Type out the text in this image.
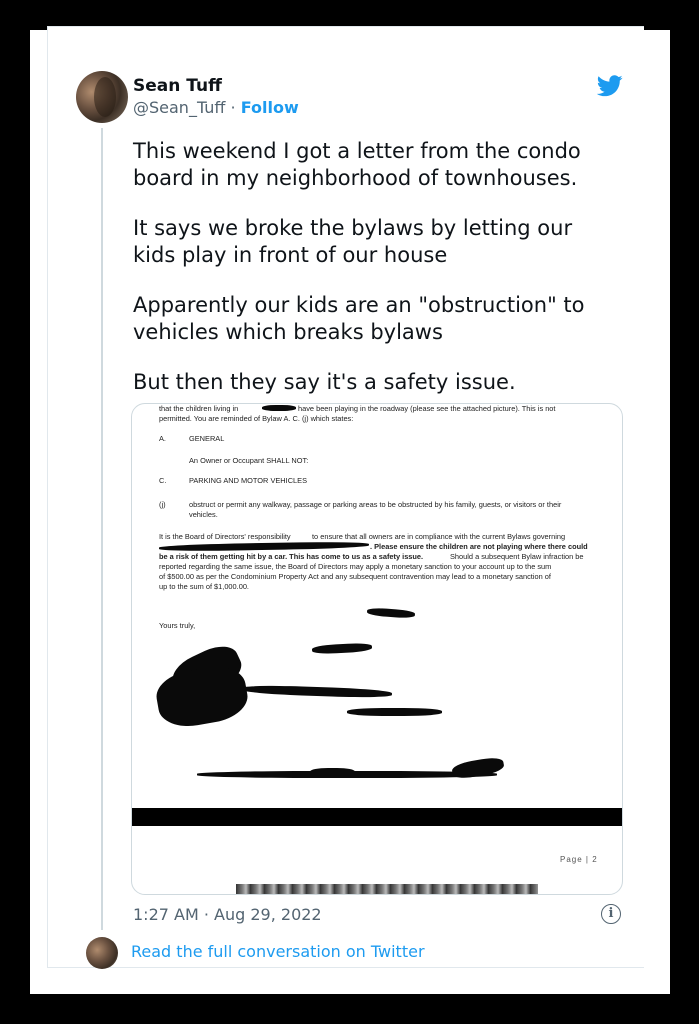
Sean Tuff
@Sean_Tuff · Follow

This weekend I got a letter from the condo board in my neighborhood of townhouses.

It says we broke the bylaws by letting our kids play in front of our house

Apparently our kids are an "obstruction" to vehicles which breaks bylaws

But then they say it's a safety issue.

that the children living in	have been playing in the roadway (please see the attached picture). This is not
permitted. You are reminded of Bylaw A. C. (j) which states:
A.	GENERAL
An Owner or Occupant SHALL NOT:
C.	PARKING AND MOTOR VEHICLES
(j)	obstruct or permit any walkway, passage or parking areas to be obstructed by his family, guests, or visitors or their
vehicles.
It is the Board of Directors' responsibility	to ensure that all owners are in compliance with the current Bylaws governing
. Please ensure the children are not playing where there could
be a risk of them getting hit by a car. This has come to us as a safety issue.	Should a subsequent Bylaw infraction be
reported regarding the same issue, the Board of Directors may apply a monetary sanction to your account up to the sum
of $500.00 as per the Condominium Property Act and any subsequent contravention may lead to a monetary sanction of
up to the sum of $1,000.00.
Yours truly,
Page | 2
1:27 AM · Aug 29, 2022	i
Read the full conversation on Twitter
